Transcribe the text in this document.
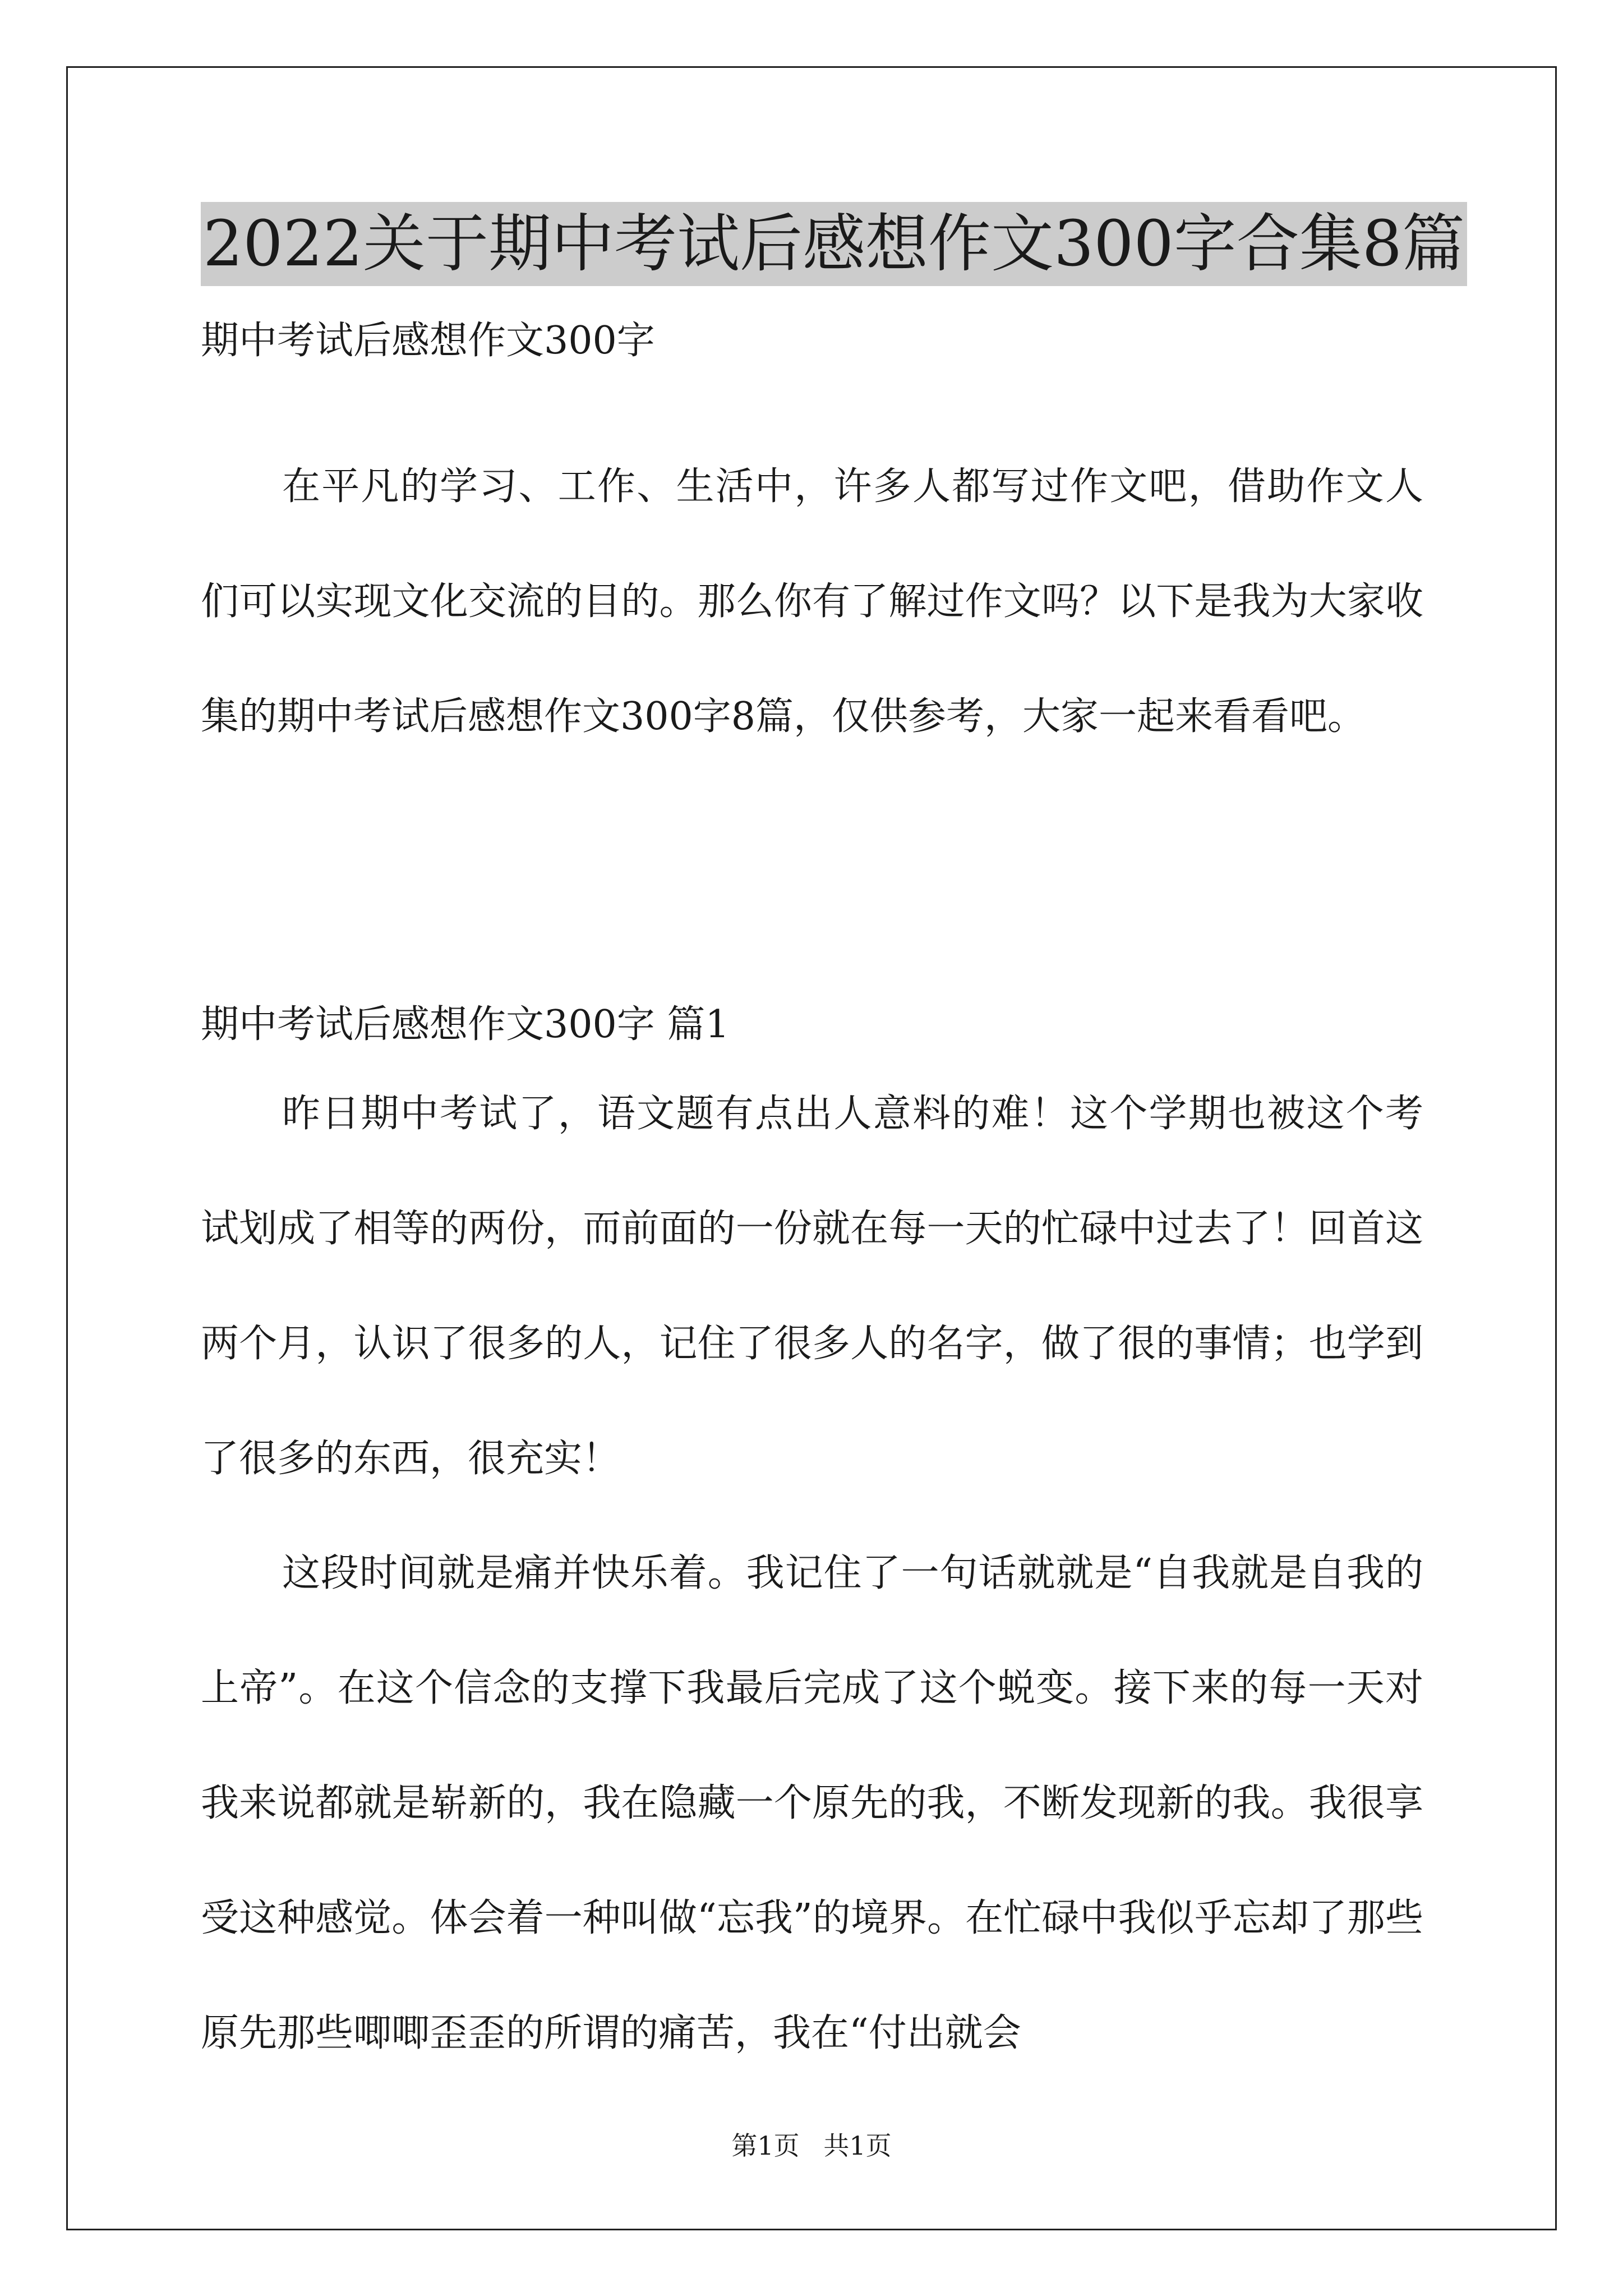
2022关于期中考试后感想作文300字合集8篇
期中考试后感想作文300字

在平凡的学习、工作、生活中，许多人都写过作文吧，借助作文人们可以实现文化交流的目的。那么你有了解过作文吗？以下是我为大家收集的期中考试后感想作文300字8篇，仅供参考，大家一起来看看吧。

期中考试后感想作文300字 篇1

昨日期中考试了，语文题有点出人意料的难！这个学期也被这个考试划成了相等的两份，而前面的一份就在每一天的忙碌中过去了！回首这两个月，认识了很多的人，记住了很多人的名字，做了很的事情；也学到了很多的东西，很充实！

这段时间就是痛并快乐着。我记住了一句话就就是“自我就是自我的上帝”。在这个信念的支撑下我最后完成了这个蜕变。接下来的每一天对我来说都就是崭新的，我在隐藏一个原先的我，不断发现新的我。我很享受这种感觉。体会着一种叫做“忘我”的境界。在忙碌中我似乎忘却了那些原先那些唧唧歪歪的所谓的痛苦，我在“付出就会

第1页 共1页
